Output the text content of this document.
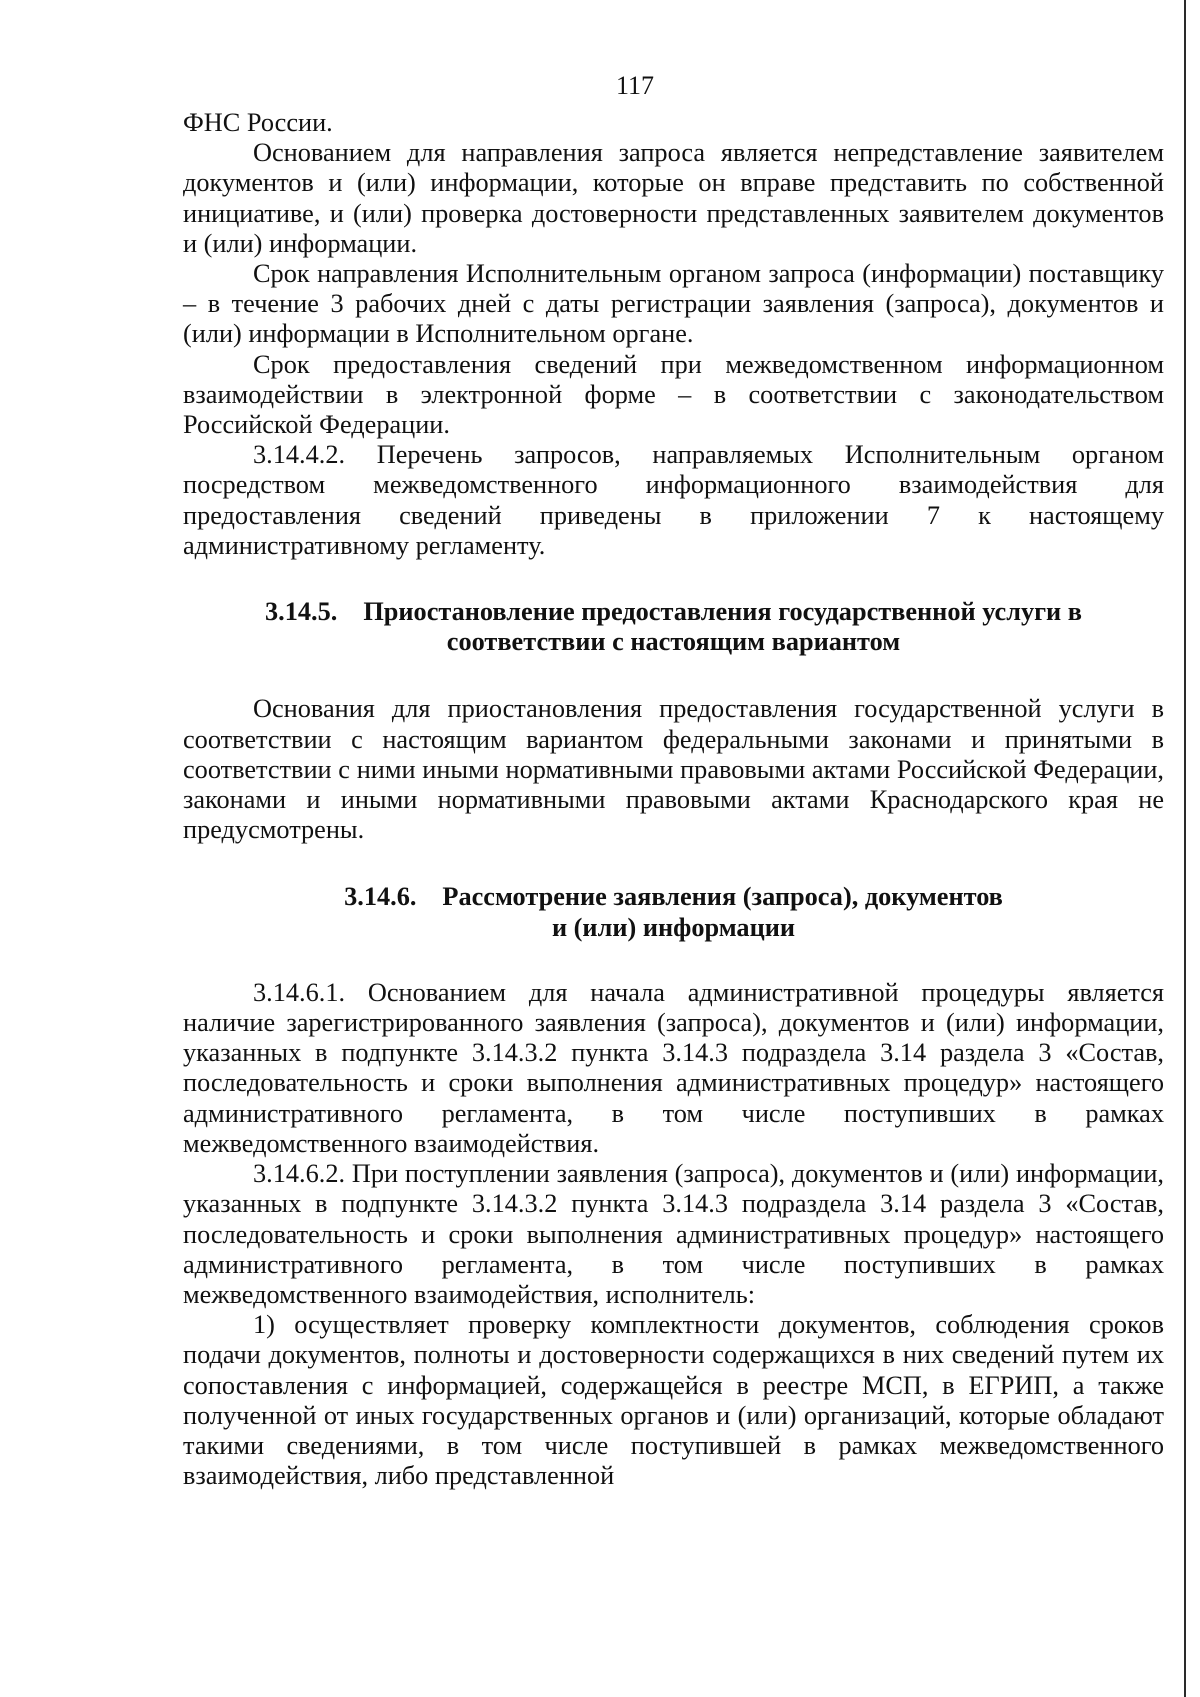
117

ФНС России.

Основанием для направления запроса является непредставление заявителем документов и (или) информации, которые он вправе представить по собственной инициативе, и (или) проверка достоверности представленных заявителем документов и (или) информации.

Срок направления Исполнительным органом запроса (информации) поставщику – в течение 3 рабочих дней с даты регистрации заявления (запроса), документов и (или) информации в Исполнительном органе.

Срок предоставления сведений при межведомственном информационном взаимодействии в электронной форме – в соответствии с законодательством Российской Федерации.

3.14.4.2. Перечень запросов, направляемых Исполнительным органом посредством межведомственного информационного взаимодействия для предоставления сведений приведены в приложении 7 к настоящему административному регламенту.

3.14.5. Приостановление предоставления государственной услуги в
соответствии с настоящим вариантом

Основания для приостановления предоставления государственной услуги в соответствии с настоящим вариантом федеральными законами и принятыми в соответствии с ними иными нормативными правовыми актами Российской Федерации, законами и иными нормативными правовыми актами Краснодарского края не предусмотрены.

3.14.6. Рассмотрение заявления (запроса), документов
и (или) информации

3.14.6.1. Основанием для начала административной процедуры является наличие зарегистрированного заявления (запроса), документов и (или) информации, указанных в подпункте 3.14.3.2 пункта 3.14.3 подраздела 3.14 раздела 3 «Состав, последовательность и сроки выполнения административных процедур» настоящего административного регламента, в том числе поступивших в рамках межведомственного взаимодействия.

3.14.6.2. При поступлении заявления (запроса), документов и (или) информации, указанных в подпункте 3.14.3.2 пункта 3.14.3 подраздела 3.14 раздела 3 «Состав, последовательность и сроки выполнения административных процедур» настоящего административного регламента, в том числе поступивших в рамках межведомственного взаимодействия, исполнитель:

1) осуществляет проверку комплектности документов, соблюдения сроков подачи документов, полноты и достоверности содержащихся в них сведений путем их сопоставления с информацией, содержащейся в реестре МСП, в ЕГРИП, а также полученной от иных государственных органов и (или) организаций, которые обладают такими сведениями, в том числе поступившей в рамках межведомственного взаимодействия, либо представленной
